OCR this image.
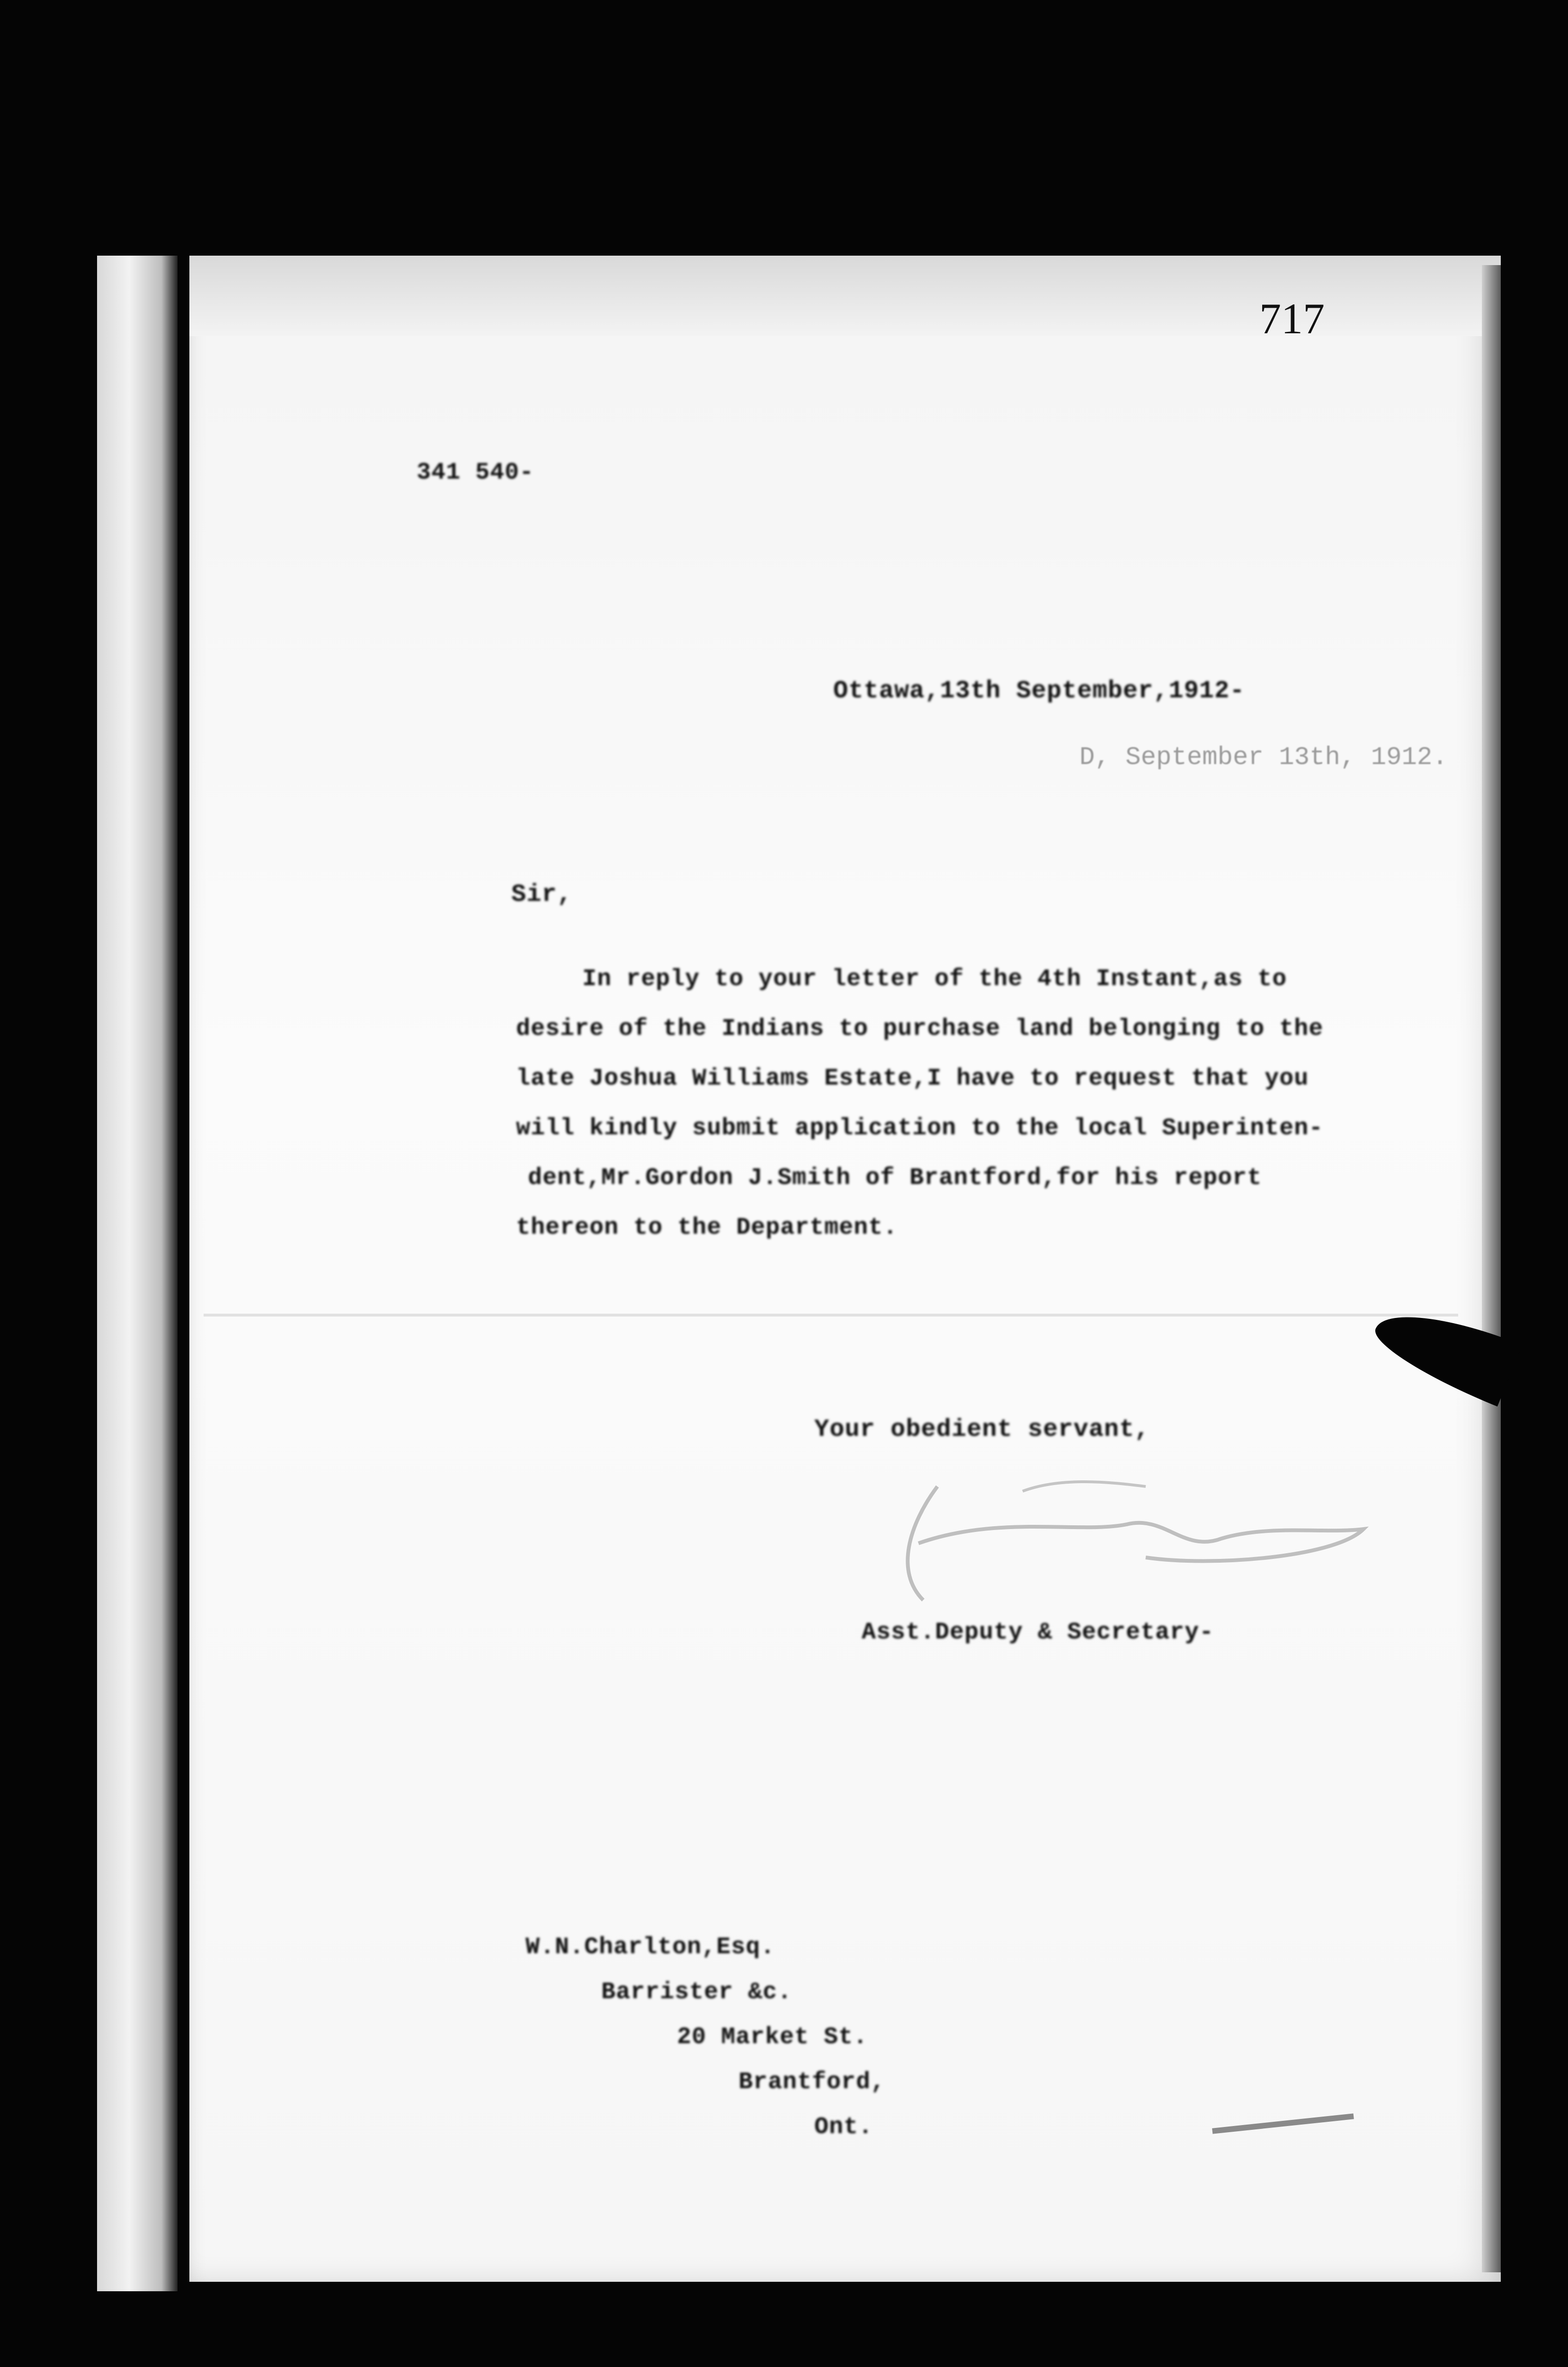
717
341 540-
Ottawa,13th September,1912-
D, September 13th, 1912.
Sir,
In reply to your letter of the 4th Instant,as to
desire of the Indians to purchase land belonging to the
late Joshua Williams Estate,I have to request that you
will kindly submit application to the local Superinten-
dent,Mr.Gordon J.Smith of Brantford,for his report
thereon to the Department.
Your obedient servant,
Asst.Deputy & Secretary-
W.N.Charlton,Esq.
Barrister &c.
20 Market St.
Brantford,
Ont.
